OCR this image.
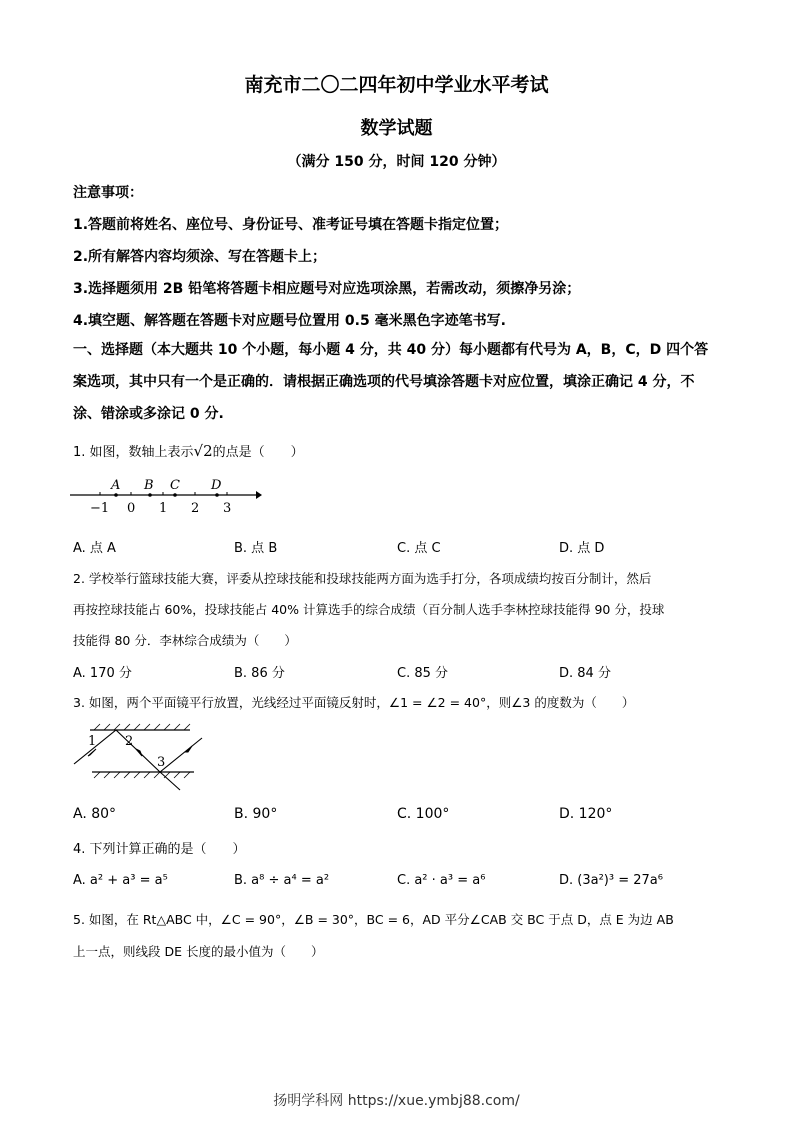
南充市二〇二四年初中学业水平考试
数学试题
（满分 150 分，时间 120 分钟）
注意事项：
1.答题前将姓名、座位号、身份证号、准考证号填在答题卡指定位置；
2.所有解答内容均须涂、写在答题卡上；
3.选择题须用 2B 铅笔将答题卡相应题号对应选项涂黑，若需改动，须擦净另涂；
4.填空题、解答题在答题卡对应题号位置用 0.5 毫米黑色字迹笔书写.
一、选择题（本大题共 10 个小题，每小题 4 分，共 40 分）每小题都有代号为 A，B，C，D 四个答案选项，其中只有一个是正确的．请根据正确选项的代号填涂答题卡对应位置，填涂正确记 4 分，不涂、错涂或多涂记 0 分.
1. 如图，数轴上表示√2的点是（　　）
A B C D
−1 0 1 2 3
A. 点 A	B. 点 B	C. 点 C	D. 点 D
2. 学校举行篮球技能大赛，评委从控球技能和投球技能两方面为选手打分，各项成绩均按百分制计，然后
再按控球技能占 60%，投球技能占 40% 计算选手的综合成绩（百分制人选手李林控球技能得 90 分，投球
技能得 80 分．李林综合成绩为（　　）
A. 170 分	B. 86 分	C. 85 分	D. 84 分
3. 如图，两个平面镜平行放置，光线经过平面镜反射时，∠1 = ∠2 = 40°，则∠3 的度数为（　　）
1 2
3
A. 80°	B. 90°	C. 100°	D. 120°
4. 下列计算正确的是（　　）
A. a² + a³ = a⁵	B. a⁸ ÷ a⁴ = a²	C. a² · a³ = a⁶	D. (3a²)³ = 27a⁶
5. 如图，在 Rt△ABC 中，∠C = 90°，∠B = 30°，BC = 6，AD 平分∠CAB 交 BC 于点 D，点 E 为边 AB
上一点，则线段 DE 长度的最小值为（　　）
扬明学科网 https://xue.ymbj88.com/
